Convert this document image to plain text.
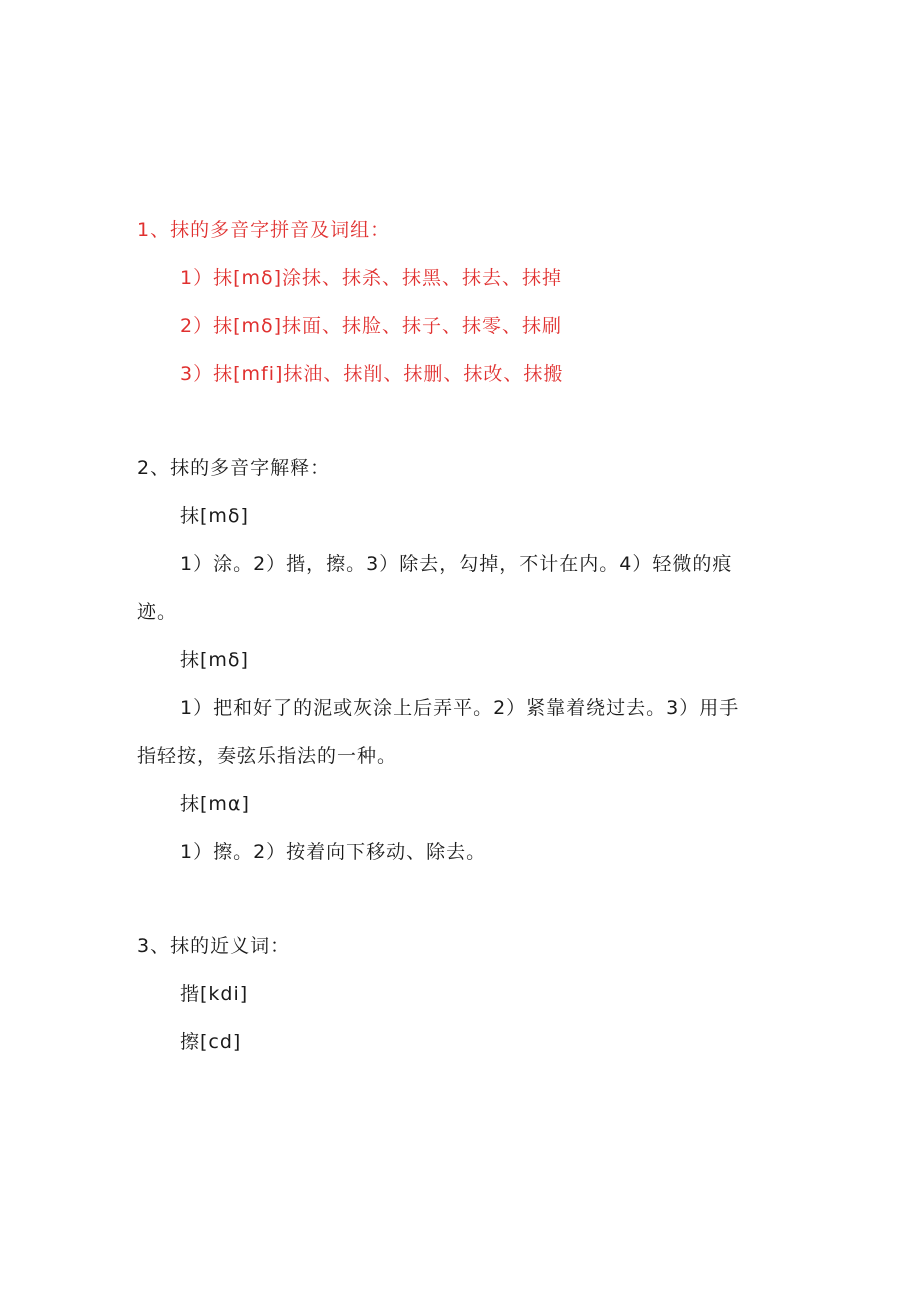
1、抹的多音字拼音及词组：
1）抹[mδ]涂抹、抹杀、抹黑、抹去、抹掉
2）抹[mδ]抹面、抹脸、抹子、抹零、抹刷
3）抹[mfi]抹油、抹削、抹删、抹改、抹搬
2、抹的多音字解释：
抹[mδ]
1）涂。2）揩，擦。3）除去，勾掉，不计在内。4）轻微的痕
迹。
抹[mδ]
1）把和好了的泥或灰涂上后弄平。2）紧靠着绕过去。3）用手
指轻按，奏弦乐指法的一种。
抹[mα]
1）擦。2）按着向下移动、除去。
3、抹的近义词：
揩[kdi]
擦[cd]
